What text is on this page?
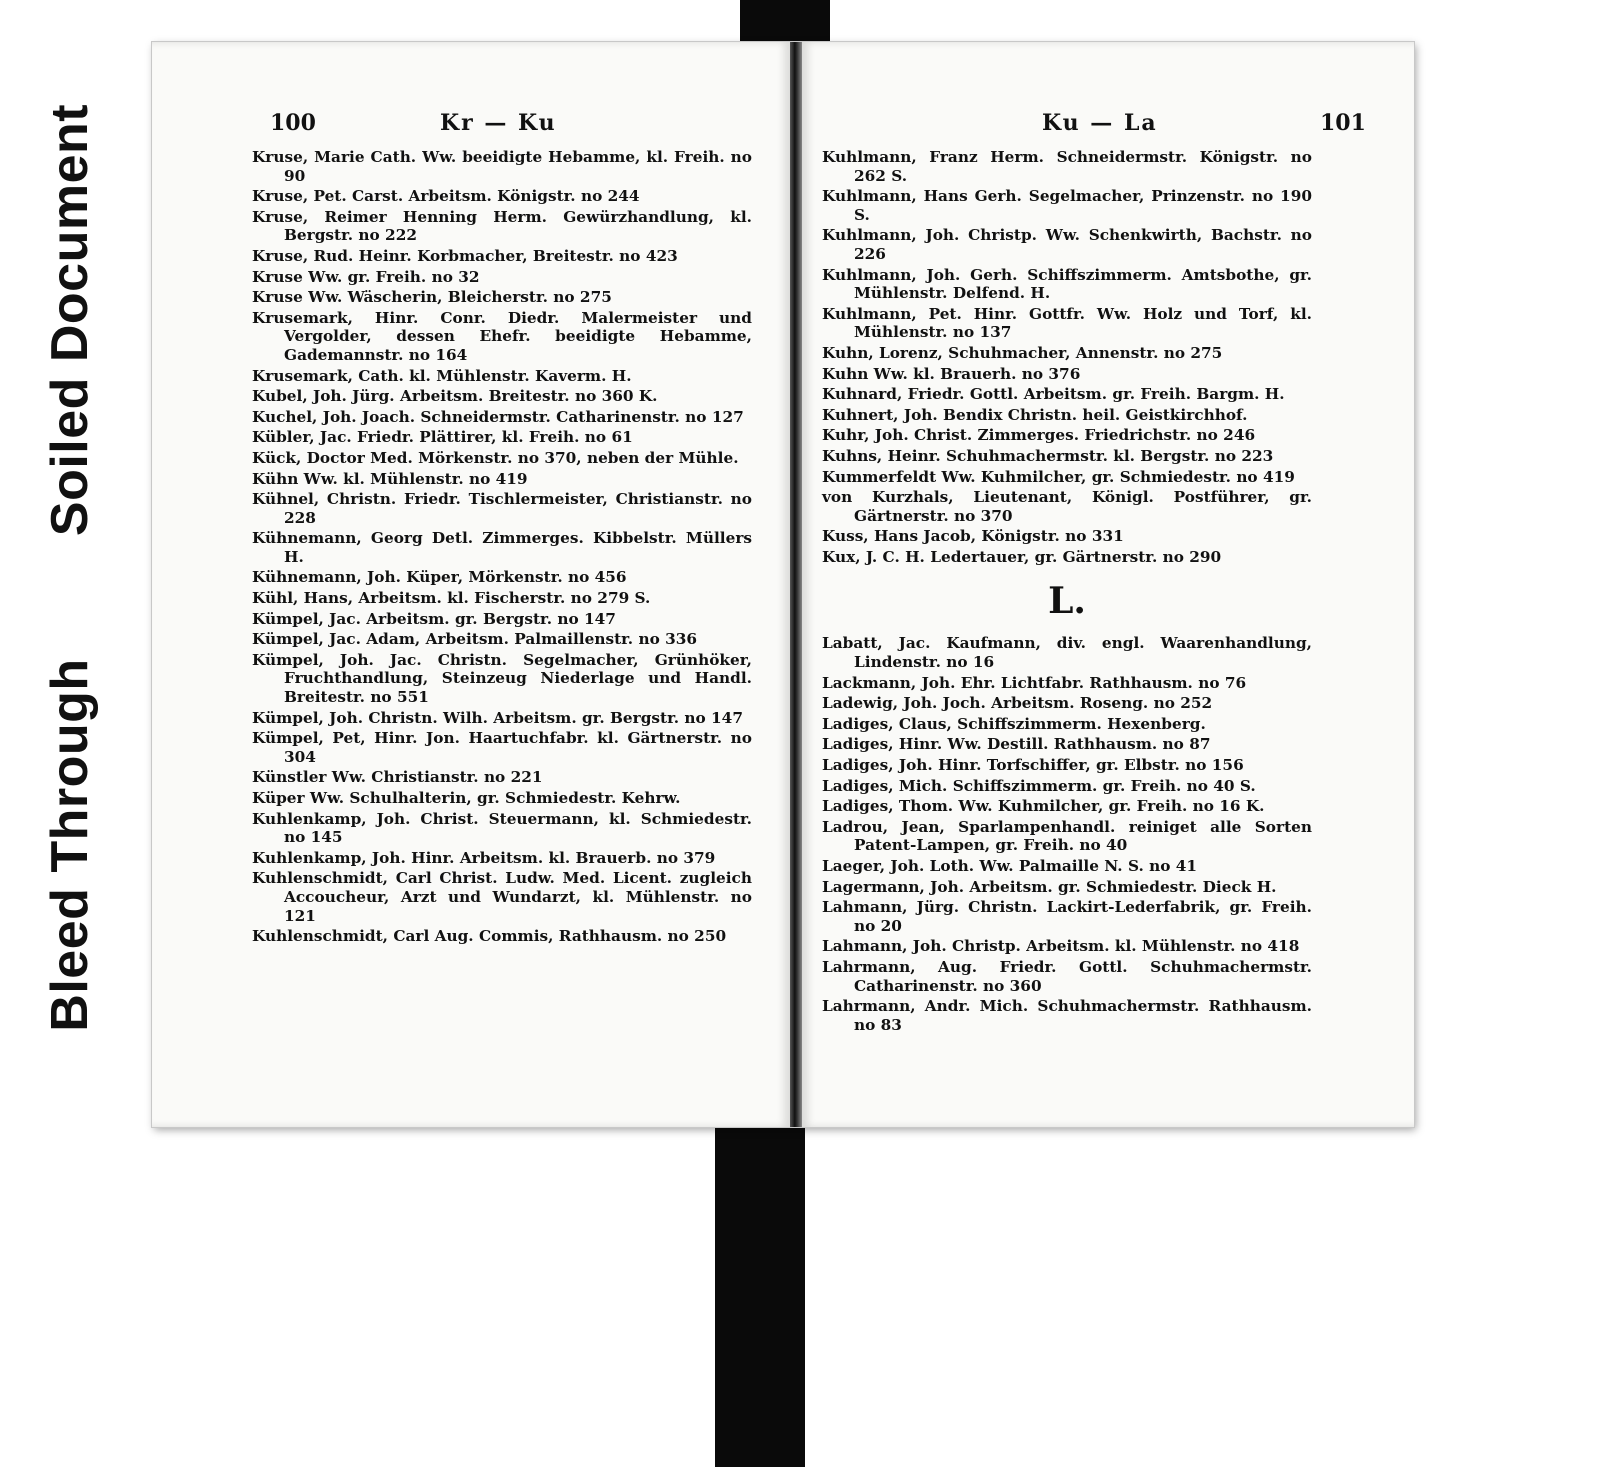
Soiled Document
Bleed Through
100	Kr — Ku

Kruse, Marie Cath. Ww. beeidigte Hebamme, kl. Freih. no 90

Kruse, Pet. Carst. Arbeitsm. Königstr. no 244

Kruse, Reimer Henning Herm. Gewürzhandlung, kl. Bergstr. no 222

Kruse, Rud. Heinr. Korbmacher, Breitestr. no 423

Kruse Ww. gr. Freih. no 32

Kruse Ww. Wäscherin, Bleicherstr. no 275

Krusemark, Hinr. Conr. Diedr. Malermeister und Vergolder, dessen Ehefr. beeidigte Hebamme, Gademannstr. no 164

Krusemark, Cath. kl. Mühlenstr. Kaverm. H.

Kubel, Joh. Jürg. Arbeitsm. Breitestr. no 360 K.

Kuchel, Joh. Joach. Schneidermstr. Catharinenstr. no 127

Kübler, Jac. Friedr. Plättirer, kl. Freih. no 61

Kück, Doctor Med. Mörkenstr. no 370, neben der Mühle.

Kühn Ww. kl. Mühlenstr. no 419

Kühnel, Christn. Friedr. Tischlermeister, Christianstr. no 228

Kühnemann, Georg Detl. Zimmerges. Kibbelstr. Müllers H.

Kühnemann, Joh. Küper, Mörkenstr. no 456

Kühl, Hans, Arbeitsm. kl. Fischerstr. no 279 S.

Kümpel, Jac. Arbeitsm. gr. Bergstr. no 147

Kümpel, Jac. Adam, Arbeitsm. Palmaillenstr. no 336

Kümpel, Joh. Jac. Christn. Segelmacher, Grünhöker, Fruchthandlung, Steinzeug Niederlage und Handl. Breitestr. no 551

Kümpel, Joh. Christn. Wilh. Arbeitsm. gr. Bergstr. no 147

Kümpel, Pet, Hinr. Jon. Haartuchfabr. kl. Gärtnerstr. no 304

Künstler Ww. Christianstr. no 221

Küper Ww. Schulhalterin, gr. Schmiedestr. Kehrw.

Kuhlenkamp, Joh. Christ. Steuermann, kl. Schmiedestr. no 145

Kuhlenkamp, Joh. Hinr. Arbeitsm. kl. Brauerb. no 379

Kuhlenschmidt, Carl Christ. Ludw. Med. Licent. zugleich Accoucheur, Arzt und Wundarzt, kl. Mühlenstr. no 121

Kuhlenschmidt, Carl Aug. Commis, Rathhausm. no 250

Ku — La	101

Kuhlmann, Franz Herm. Schneidermstr. Königstr. no 262 S.

Kuhlmann, Hans Gerh. Segelmacher, Prinzenstr. no 190 S.

Kuhlmann, Joh. Christp. Ww. Schenkwirth, Bachstr. no 226

Kuhlmann, Joh. Gerh. Schiffszimmerm. Amtsbothe, gr. Mühlenstr. Delfend. H.

Kuhlmann, Pet. Hinr. Gottfr. Ww. Holz und Torf, kl. Mühlenstr. no 137

Kuhn, Lorenz, Schuhmacher, Annenstr. no 275

Kuhn Ww. kl. Brauerh. no 376

Kuhnard, Friedr. Gottl. Arbeitsm. gr. Freih. Bargm. H.

Kuhnert, Joh. Bendix Christn. heil. Geistkirchhof.

Kuhr, Joh. Christ. Zimmerges. Friedrichstr. no 246

Kuhns, Heinr. Schuhmachermstr. kl. Bergstr. no 223

Kummerfeldt Ww. Kuhmilcher, gr. Schmiedestr. no 419

von Kurzhals, Lieutenant, Königl. Postführer, gr. Gärtnerstr. no 370

Kuss, Hans Jacob, Königstr. no 331

Kux, J. C. H. Ledertauer, gr. Gärtnerstr. no 290

L.

Labatt, Jac. Kaufmann, div. engl. Waarenhandlung, Lindenstr. no 16

Lackmann, Joh. Ehr. Lichtfabr. Rathhausm. no 76

Ladewig, Joh. Joch. Arbeitsm. Roseng. no 252

Ladiges, Claus, Schiffszimmerm. Hexenberg.

Ladiges, Hinr. Ww. Destill. Rathhausm. no 87

Ladiges, Joh. Hinr. Torfschiffer, gr. Elbstr. no 156

Ladiges, Mich. Schiffszimmerm. gr. Freih. no 40 S.

Ladiges, Thom. Ww. Kuhmilcher, gr. Freih. no 16 K.

Ladrou, Jean, Sparlampenhandl. reiniget alle Sorten Patent-Lampen, gr. Freih. no 40

Laeger, Joh. Loth. Ww. Palmaille N. S. no 41

Lagermann, Joh. Arbeitsm. gr. Schmiedestr. Dieck H.

Lahmann, Jürg. Christn. Lackirt-Lederfabrik, gr. Freih. no 20

Lahmann, Joh. Christp. Arbeitsm. kl. Mühlenstr. no 418

Lahrmann, Aug. Friedr. Gottl. Schuhmachermstr. Catharinenstr. no 360

Lahrmann, Andr. Mich. Schuhmachermstr. Rathhausm. no 83
